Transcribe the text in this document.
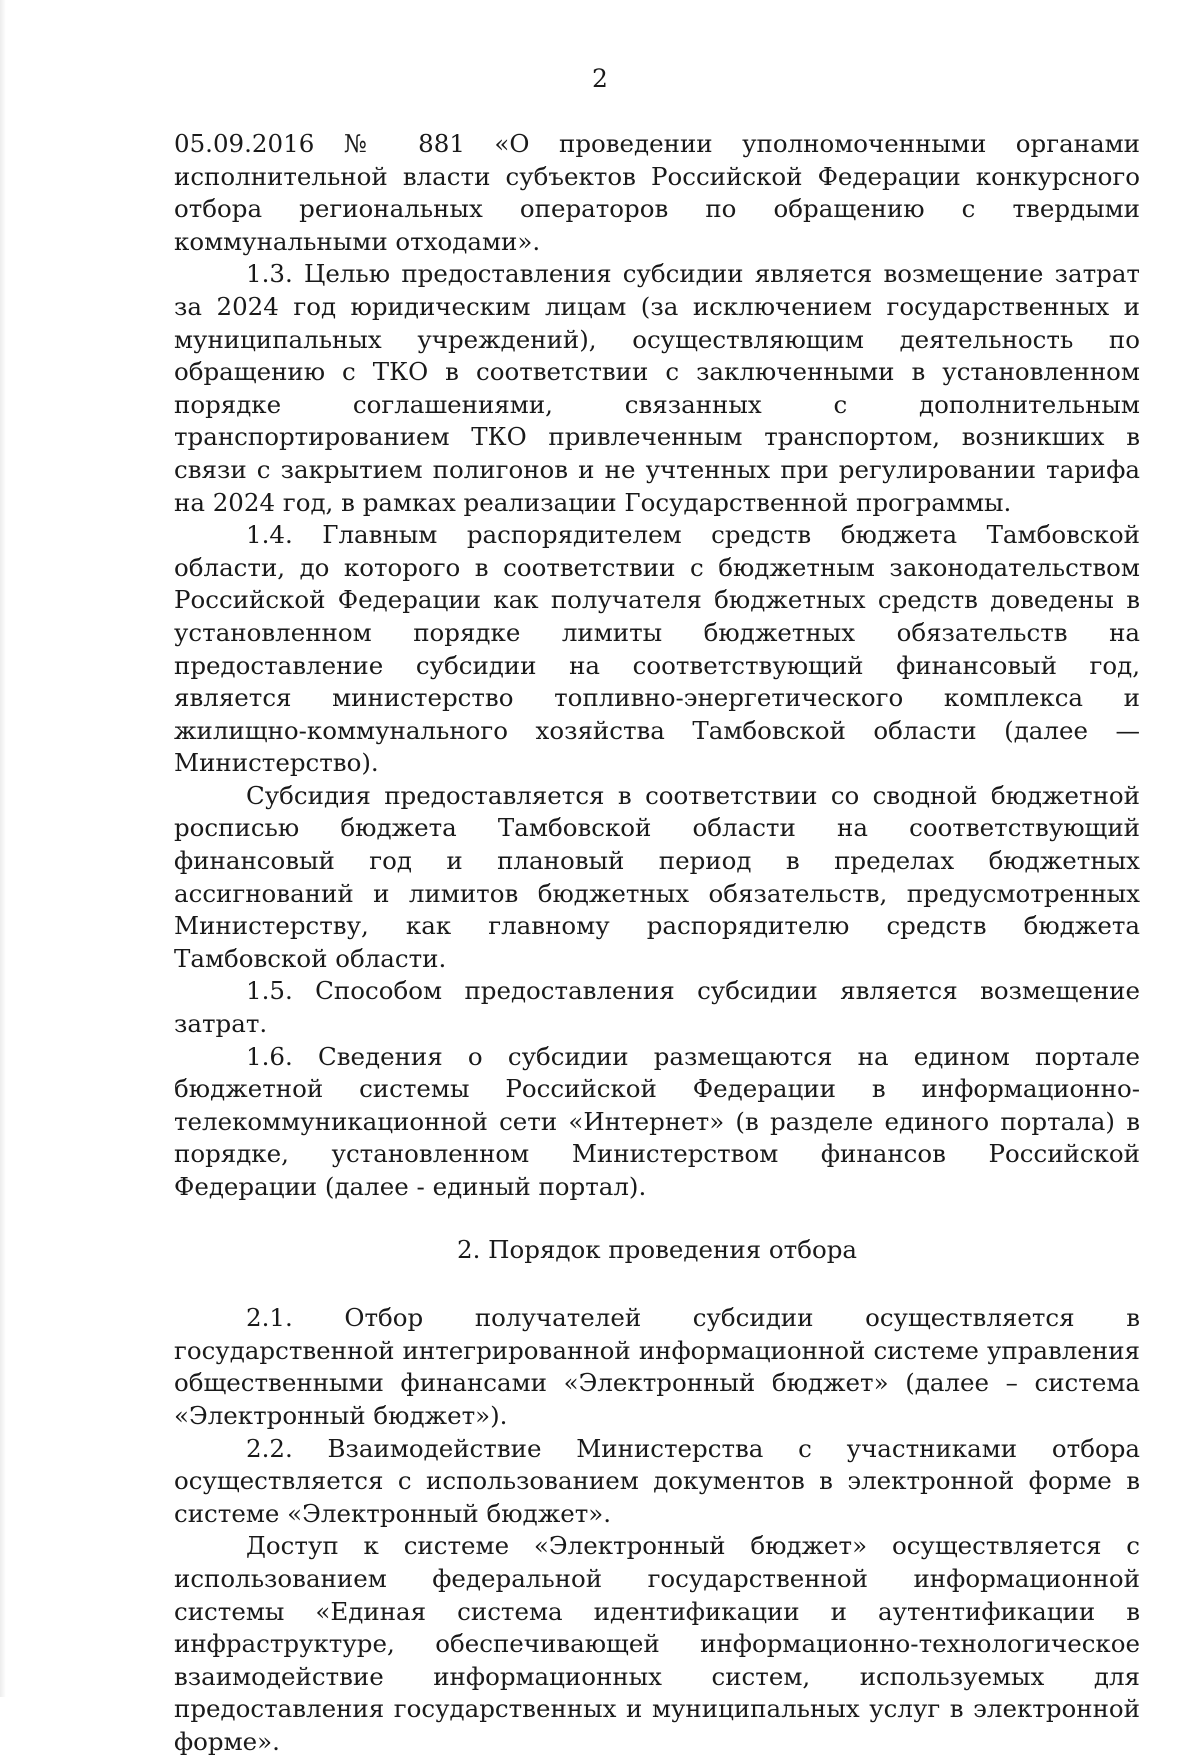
2

05.09.2016 № 881 «О проведении уполномоченными органами исполнительной власти субъектов Российской Федерации конкурсного отбора региональных операторов по обращению с твердыми коммунальными отходами».

1.3. Целью предоставления субсидии является возмещение затрат за 2024 год юридическим лицам (за исключением государственных и муниципальных учреждений), осуществляющим деятельность по обращению с ТКО в соответствии с заключенными в установленном порядке соглашениями, связанных с дополнительным транспортированием ТКО привлеченным транспортом, возникших в связи с закрытием полигонов и не учтенных при регулировании тарифа на 2024 год, в рамках реализации Государственной программы.

1.4. Главным распорядителем средств бюджета Тамбовской области, до которого в соответствии с бюджетным законодательством Российской Федерации как получателя бюджетных средств доведены в установленном порядке лимиты бюджетных обязательств на предоставление субсидии на соответствующий финансовый год, является министерство топливно-энергетического комплекса и жилищно-коммунального хозяйства Тамбовской области (далее — Министерство).

Субсидия предоставляется в соответствии со сводной бюджетной росписью бюджета Тамбовской области на соответствующий финансовый год и плановый период в пределах бюджетных ассигнований и лимитов бюджетных обязательств, предусмотренных Министерству, как главному распорядителю средств бюджета Тамбовской области.

1.5. Способом предоставления субсидии является возмещение затрат.

1.6. Сведения о субсидии размещаются на едином портале бюджетной системы Российской Федерации в информационно-телекоммуникационной сети «Интернет» (в разделе единого портала) в порядке, установленном Министерством финансов Российской Федерации (далее - единый портал).

2. Порядок проведения отбора

2.1. Отбор получателей субсидии осуществляется в государственной интегрированной информационной системе управления общественными финансами «Электронный бюджет» (далее – система «Электронный бюджет»).

2.2. Взаимодействие Министерства с участниками отбора осуществляется с использованием документов в электронной форме в системе «Электронный бюджет».

Доступ к системе «Электронный бюджет» осуществляется с использованием федеральной государственной информационной системы «Единая система идентификации и аутентификации в инфраструктуре, обеспечивающей информационно-технологическое взаимодействие информационных систем, используемых для предоставления государственных и муниципальных услуг в электронной форме».
